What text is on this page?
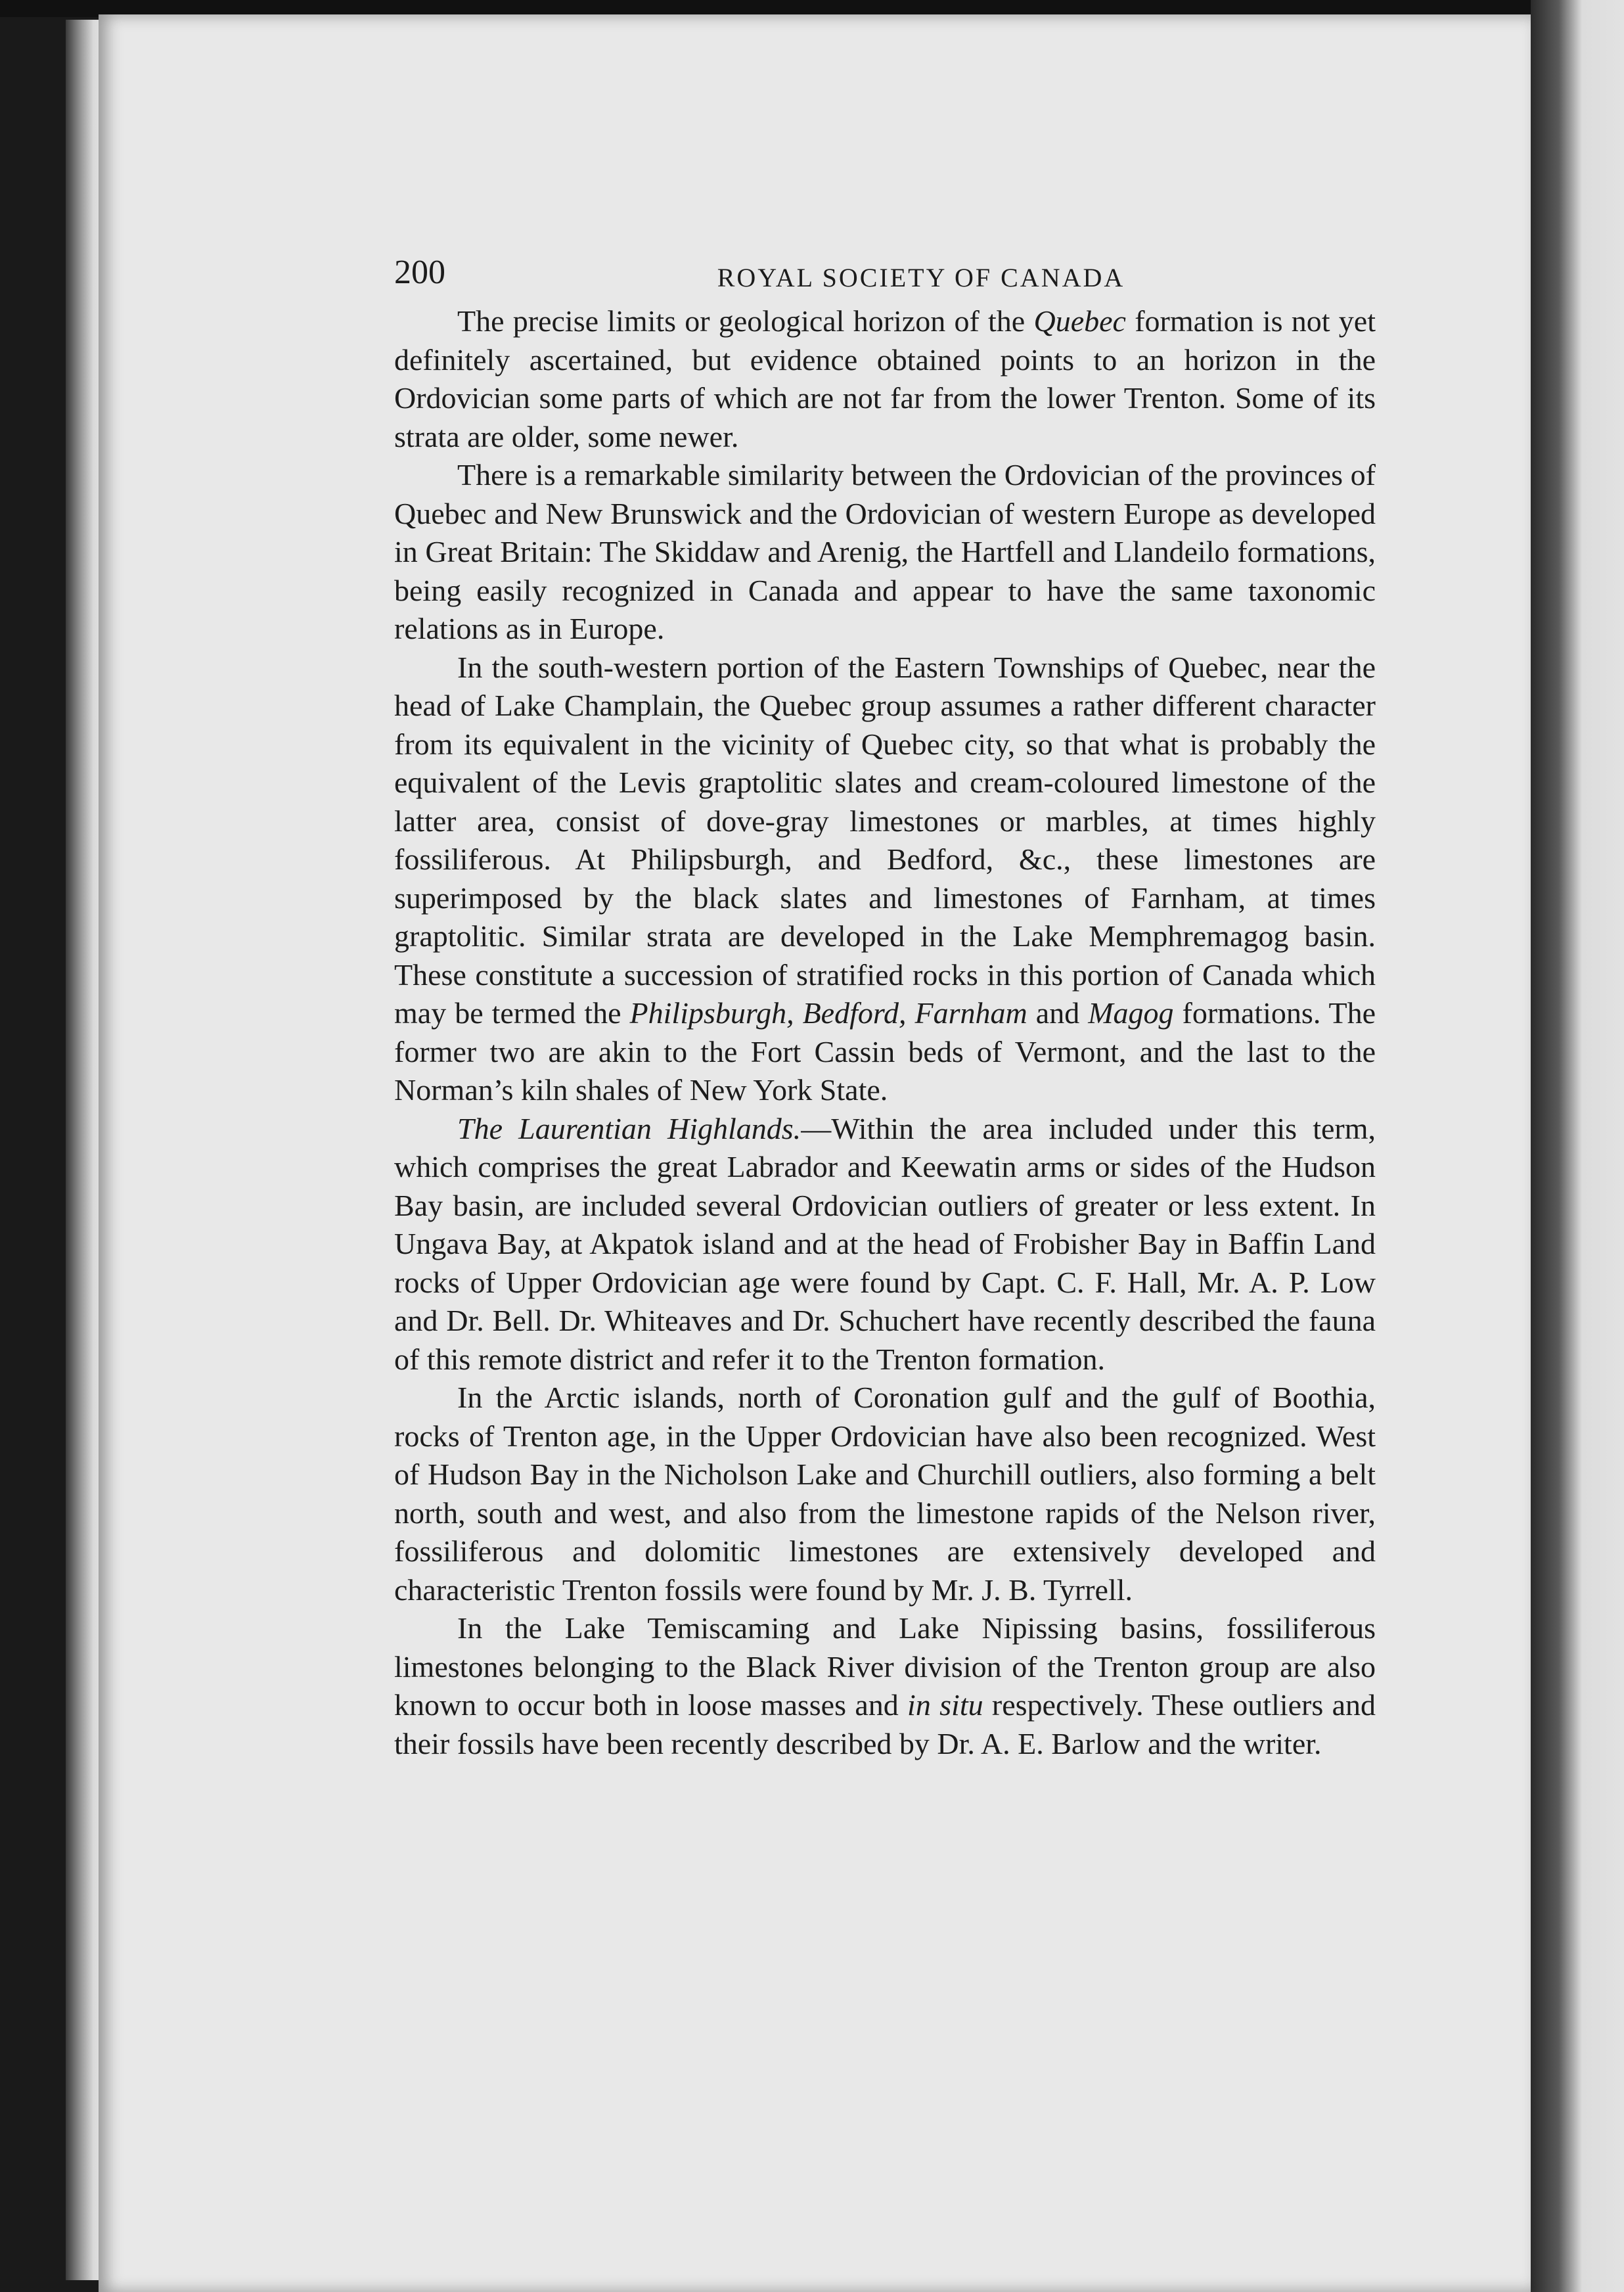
200	ROYAL SOCIETY OF CANADA

The precise limits or geological horizon of the Quebec formation is not yet definitely ascertained, but evidence obtained points to an horizon in the Ordovician some parts of which are not far from the lower Trenton. Some of its strata are older, some newer.

There is a remarkable similarity between the Ordovician of the provinces of Quebec and New Brunswick and the Ordovician of western Europe as developed in Great Britain: The Skiddaw and Arenig, the Hartfell and Llandeilo formations, being easily recognized in Canada and appear to have the same taxonomic relations as in Europe.

In the south-western portion of the Eastern Townships of Quebec, near the head of Lake Champlain, the Quebec group assumes a rather different character from its equivalent in the vicinity of Quebec city, so that what is probably the equivalent of the Levis graptolitic slates and cream-coloured limestone of the latter area, consist of dove-gray limestones or marbles, at times highly fossiliferous. At Philipsburgh, and Bedford, &c., these limestones are superimposed by the black slates and limestones of Farnham, at times graptolitic. Similar strata are developed in the Lake Memphremagog basin. These constitute a succession of stratified rocks in this portion of Canada which may be termed the Philipsburgh, Bedford, Farnham and Magog formations. The former two are akin to the Fort Cassin beds of Vermont, and the last to the Norman’s kiln shales of New York State.

The Laurentian Highlands.—Within the area included under this term, which comprises the great Labrador and Keewatin arms or sides of the Hudson Bay basin, are included several Ordovician outliers of greater or less extent. In Ungava Bay, at Akpatok island and at the head of Frobisher Bay in Baffin Land rocks of Upper Ordovician age were found by Capt. C. F. Hall, Mr. A. P. Low and Dr. Bell. Dr. Whiteaves and Dr. Schuchert have recently described the fauna of this remote district and refer it to the Trenton formation.

In the Arctic islands, north of Coronation gulf and the gulf of Boothia, rocks of Trenton age, in the Upper Ordovician have also been recognized. West of Hudson Bay in the Nicholson Lake and Churchill outliers, also forming a belt north, south and west, and also from the limestone rapids of the Nelson river, fossiliferous and dolomitic limestones are extensively developed and characteristic Trenton fossils were found by Mr. J. B. Tyrrell.

In the Lake Temiscaming and Lake Nipissing basins, fossiliferous limestones belonging to the Black River division of the Trenton group are also known to occur both in loose masses and in situ respectively. These outliers and their fossils have been recently described by Dr. A. E. Barlow and the writer.
